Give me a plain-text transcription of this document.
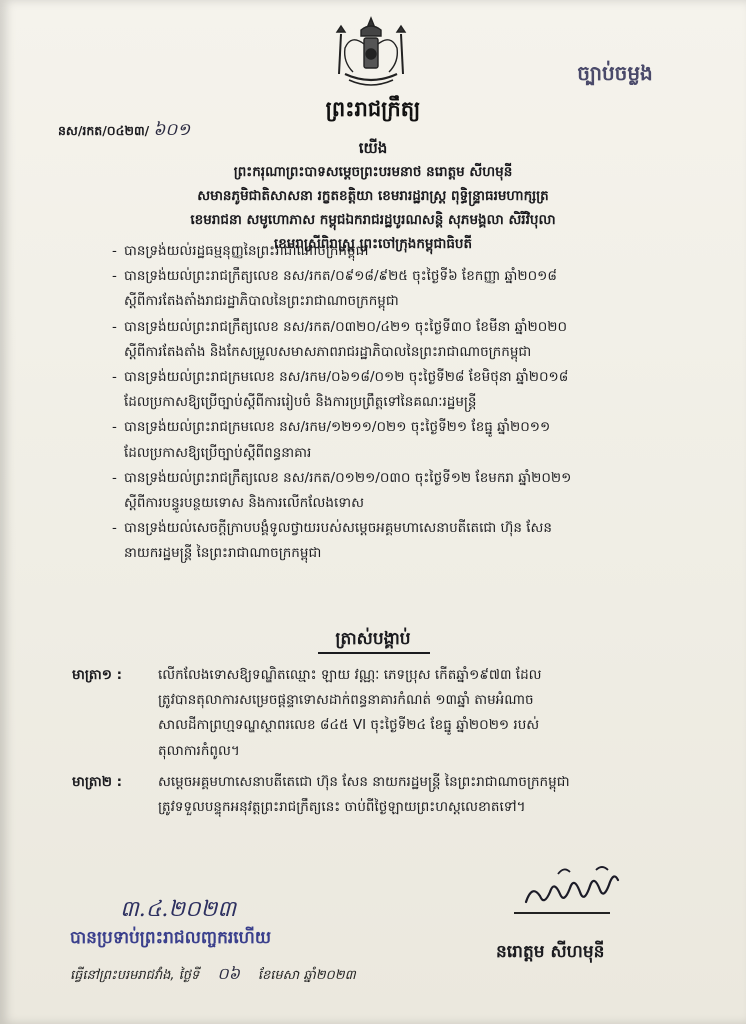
ច្បាប់ចម្លង
ព្រះរាជក្រឹត្យ
នស/រកត/០៤២៣/ ៦០១
យើង
ព្រះករុណាព្រះបាទសម្តេចព្រះបរមនាថ នរោត្តម សីហមុនី
សមានភូមិជាតិសាសនា រក្ខតខត្តិយា ខេមរារដ្ឋរាស្ត្រ ពុទ្ធិន្ទ្រាធរមហាក្សត្រ
ខេមរាជនា សមូហោភាស កម្ពុជឯករាជរដ្ឋបូរណសន្តិ សុភមង្គលា សិរីវិបុលា
ខេមរាស្រីពិរាស្ត្រ ព្រះចៅក្រុងកម្ពុជាធិបតី
- បានទ្រង់យល់រដ្ឋធម្មនុញ្ញនៃព្រះរាជាណាចក្រកម្ពុជា
- បានទ្រង់យល់ព្រះរាជក្រឹត្យលេខ នស/រកត/០៩១៨/៩២៥ ចុះថ្ងៃទី៦ ខែកញ្ញា ឆ្នាំ២០១៨
ស្តីពីការតែងតាំងរាជរដ្ឋាភិបាលនៃព្រះរាជាណាចក្រកម្ពុជា
- បានទ្រង់យល់ព្រះរាជក្រឹត្យលេខ នស/រកត/០៣២០/៤២១ ចុះថ្ងៃទី៣០ ខែមីនា ឆ្នាំ២០២០
ស្តីពីការតែងតាំង និងកែសម្រួលសមាសភាពរាជរដ្ឋាភិបាលនៃព្រះរាជាណាចក្រកម្ពុជា
- បានទ្រង់យល់ព្រះរាជក្រមលេខ នស/រកម/០៦១៨/០១២ ចុះថ្ងៃទី២៨ ខែមិថុនា ឆ្នាំ២០១៨
ដែលប្រកាសឱ្យប្រើច្បាប់ស្តីពីការរៀបចំ និងការប្រព្រឹត្តទៅនៃគណៈរដ្ឋមន្ត្រី
- បានទ្រង់យល់ព្រះរាជក្រមលេខ នស/រកម/១២១១/០២១ ចុះថ្ងៃទី២១ ខែធ្នូ ឆ្នាំ២០១១
ដែលប្រកាសឱ្យប្រើច្បាប់ស្តីពីពន្ធនាគារ
- បានទ្រង់យល់ព្រះរាជក្រឹត្យលេខ នស/រកត/០១២១/០៣០ ចុះថ្ងៃទី១២ ខែមករា ឆ្នាំ២០២១
ស្តីពីការបន្ធូរបន្ថយទោស និងការលើកលែងទោស
- បានទ្រង់យល់សេចក្តីក្រាបបង្គំទូលថ្វាយរបស់សម្តេចអគ្គមហាសេនាបតីតេជោ ហ៊ុន សែន
នាយករដ្ឋមន្ត្រី នៃព្រះរាជាណាចក្រកម្ពុជា
ត្រាស់បង្គាប់
មាត្រា១ :	លើកលែងទោសឱ្យទណ្ឌិតឈ្មោះ ឡាយ វណ្ណៈ ភេទប្រុស កើតឆ្នាំ១៩៧៣ ដែល
ត្រូវបានតុលាការសម្រេចផ្តន្ទាទោសដាក់ពន្ធនាគារកំណត់ ១៣ឆ្នាំ តាមអំណាច
សាលដីកាព្រហ្មទណ្ឌស្ថាពរលេខ ៨៤៥ VI ចុះថ្ងៃទី២៤ ខែធ្នូ ឆ្នាំ២០២១ របស់
តុលាការកំពូល។
មាត្រា២ :	សម្តេចអគ្គមហាសេនាបតីតេជោ ហ៊ុន សែន នាយករដ្ឋមន្ត្រី នៃព្រះរាជាណាចក្រកម្ពុជា
ត្រូវទទួលបន្ទុកអនុវត្តព្រះរាជក្រឹត្យនេះ ចាប់ពីថ្ងៃឡាយព្រះហស្តលេខាតទៅ។
៣.៤.២០២៣
បានប្រទាប់ព្រះរាជលញ្ចករហើយ
ធ្វើនៅព្រះបរមរាជវាំង, ថ្ងៃទី ០៦ ខែមេសា ឆ្នាំ២០២៣
នរោត្តម សីហមុនី
